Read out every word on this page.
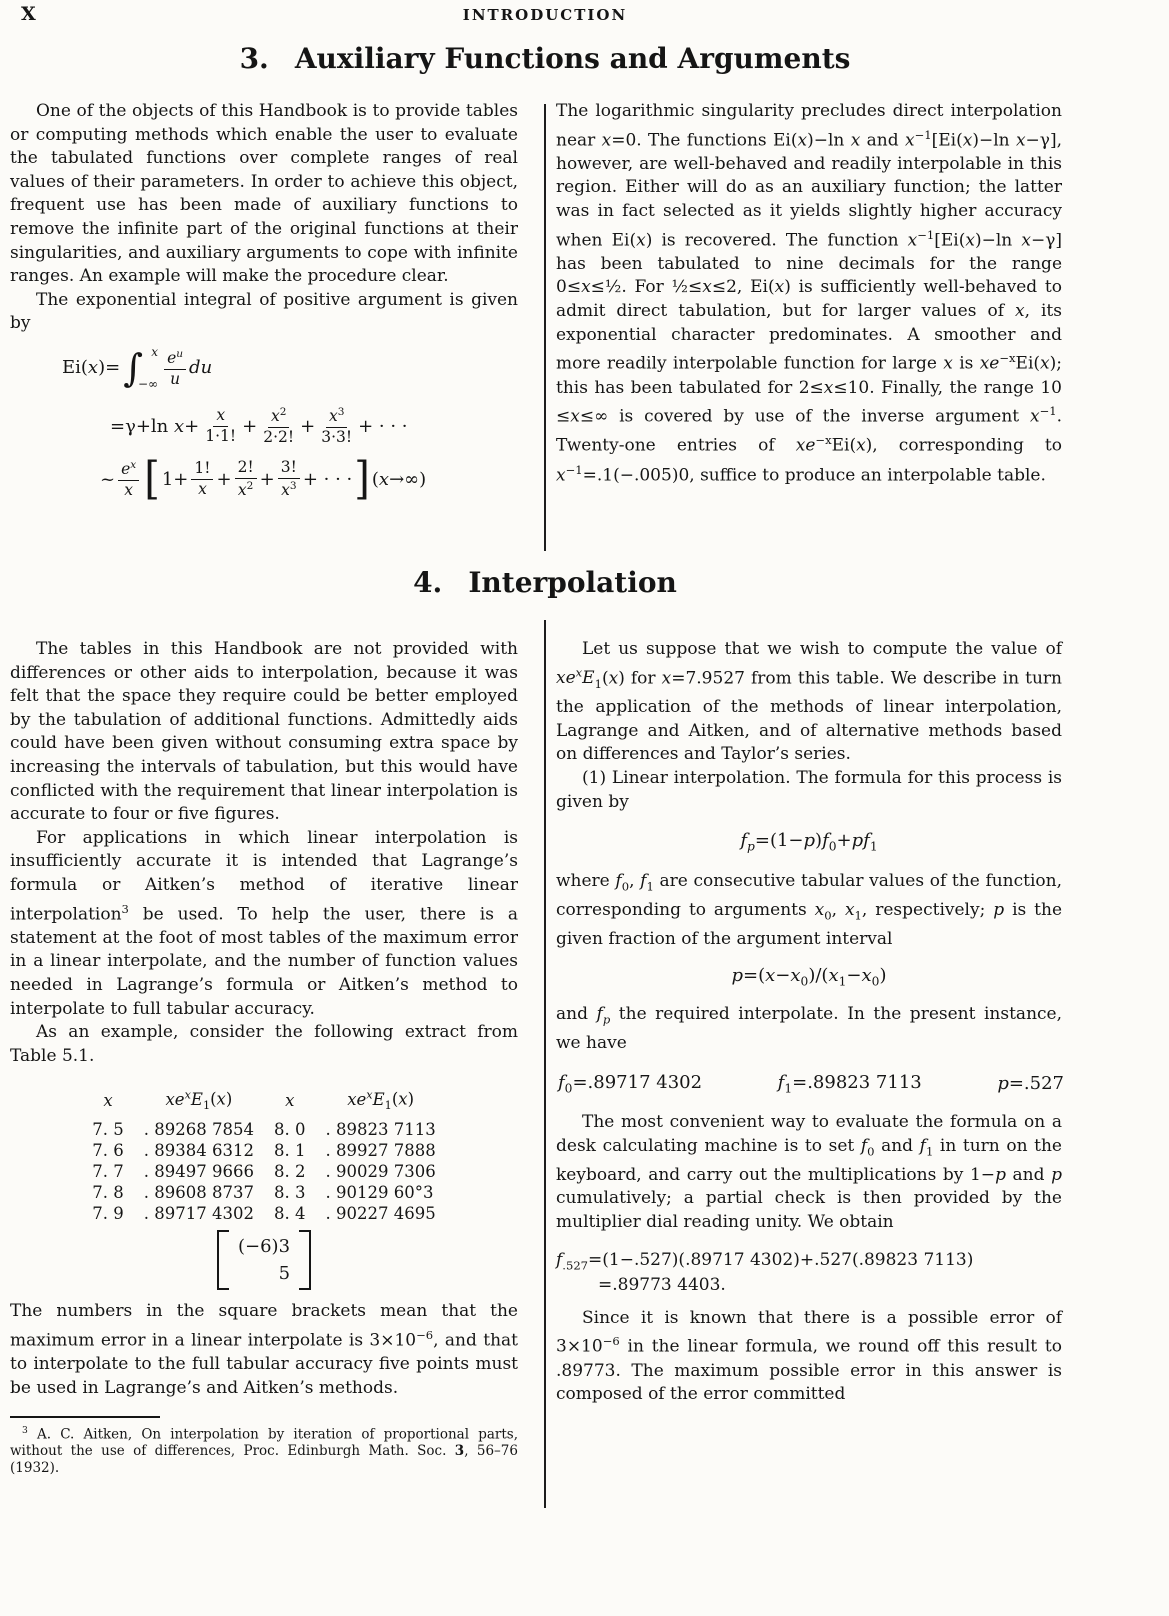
X	INTRODUCTION
3. Auxiliary Functions and Arguments

One of the objects of this Handbook is to provide tables or computing methods which enable the user to evaluate the tabulated functions over complete ranges of real values of their parameters. In order to achieve this object, frequent use has been made of auxiliary functions to remove the infinite part of the original functions at their singularities, and auxiliary arguments to cope with infinite ranges. An example will make the procedure clear.

The exponential integral of positive argument is given by

Ei(x)= ∫ x
−∞ $\frac{e^u}{u}$ du
=γ+ln $x+ \frac{x}{1\cdot 1!} + \frac{x^2}{2\cdot 2!} + \frac{x^3}{3\cdot 3!}$ + · · ·
~ $\frac{e^x}{x}$ [ $1+ \frac{1!}{x} + \frac{2!}{x^2} + \frac{3!}{x^3}$ + · · · ] (x→∞)

The logarithmic singularity precludes direct interpolation near x=0. The functions Ei(x)−ln x and $x^{-1}[Ei(x)-\ln$ x−γ], however, are well-behaved and readily interpolable in this region. Either will do as an auxiliary function; the latter was in fact selected as it yields slightly higher accuracy when Ei(x) is recovered. The function $x^{-1}[Ei(x)-\ln$ x−γ] has been tabulated to nine decimals for the range 0≤x≤½. For ½≤x≤2, Ei(x) is sufficiently well-behaved to admit direct tabulation, but for larger values of x, its exponential character predominates. A smoother and more readily interpolable function for large x is $xe^{-x}Ei(x)$; this has been tabulated for 2≤x≤10. Finally, the range 10 ≤x≤∞ is covered by use of the inverse argument $x^{-1}$. Twenty-one entries of $xe^{-x}Ei(x)$, corresponding to $x^{-1}=.1(-.005)0$, suffice to produce an interpolable table.

4. Interpolation

The tables in this Handbook are not provided with differences or other aids to interpolation, because it was felt that the space they require could be better employed by the tabulation of additional functions. Admittedly aids could have been given without consuming extra space by increasing the intervals of tabulation, but this would have conflicted with the requirement that linear interpolation is accurate to four or five figures.

For applications in which linear interpolation is insufficiently accurate it is intended that Lagrange’s formula or Aitken’s method of iterative linear interpolation$^3$ be used. To help the user, there is a statement at the foot of most tables of the maximum error in a linear interpolate, and the number of function values needed in Lagrange’s formula or Aitken’s method to interpolate to full tabular accuracy.

As an example, consider the following extract from Table 5.1.

x	$xe^xE_1(x)$	x	$xe^xE_1(x)$
7. 5	. 89268 7854	8. 0	. 89823 7113
7. 6	. 89384 6312	8. 1	. 89927 7888
7. 7	. 89497 9666	8. 2	. 90029 7306
7. 8	. 89608 8737	8. 3	. 90129 60°3
7. 9	. 89717 4302	8. 4	. 90227 4695
(−6)3
5

The numbers in the square brackets mean that the maximum error in a linear interpolate is $3\times 10^{-6}$, and that to interpolate to the full tabular accuracy five points must be used in Lagrange’s and Aitken’s methods.

$^3$ A. C. Aitken, On interpolation by iteration of proportional parts, without the use of differences, Proc. Edinburgh Math. Soc. 3, 56–76 (1932).

Let us suppose that we wish to compute the value of $xe^xE_1(x)$ for x=7.9527 from this table. We describe in turn the application of the methods of linear interpolation, Lagrange and Aitken, and of alternative methods based on differences and Taylor’s series.

(1) Linear interpolation. The formula for this process is given by

$f_p=(1-p)f_0+pf_1$

where $f_0$, $f_1$ are consecutive tabular values of the function, corresponding to arguments $x_0$, $x_1$, respectively; p is the given fraction of the argument interval

$p=(x-x_0)/(x_1-x_0)$

and $f_p$ the required interpolate. In the present instance, we have

$f_0=.89717$ 4302	$f_1=.89823$ 7113	p=.527

The most convenient way to evaluate the formula on a desk calculating machine is to set $f_0$ and $f_1$ in turn on the keyboard, and carry out the multiplications by 1−p and p cumulatively; a partial check is then provided by the multiplier dial reading unity. We obtain

$f_{.527}=(1-.527)(.89717$ 4302)+.527(.89823 7113)
=.89773 4403.

Since it is known that there is a possible error of $3\times 10^{-6}$ in the linear formula, we round off this result to .89773. The maximum possible error in this answer is composed of the error committed
